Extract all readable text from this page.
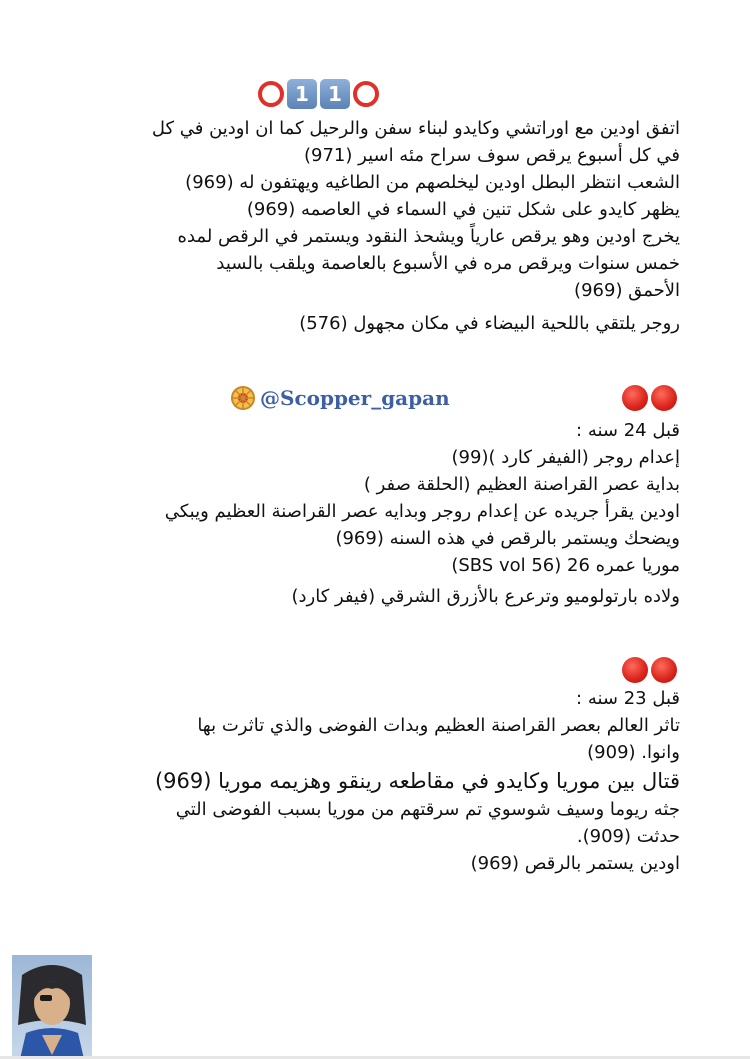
1 1
اتفق اودين مع اوراتشي وكايدو لبناء سفن والرحيل كما ان اودين في كل
في كل أسبوع يرقص سوف سراح مئه اسير (971)
الشعب انتظر البطل اودين ليخلصهم من الطاغيه ويهتفون له (969)
يظهر كايدو على شكل تنين في السماء في العاصمه (969)
يخرج اودين وهو يرقص عارياً ويشحذ النقود ويستمر في الرقص لمده
خمس سنوات ويرقص مره في الأسبوع بالعاصمة ويلقب بالسيد
الأحمق (969)
روجر يلتقي باللحية البيضاء في مكان مجهول (576)
@Scopper_gapan
قبل 24 سنه :
إعدام روجر (الفيفر كارد )(99)
بداية عصر القراصنة العظيم (الحلقة صفر )
اودين يقرأ جريده عن إعدام روجر وبدايه عصر القراصنة العظيم ويبكي
ويضحك ويستمر بالرقص في هذه السنه (969)
موريا عمره 26 (SBS vol 56)
ولاده بارتولوميو وترعرع بالأزرق الشرقي (فيفر كارد)
قبل 23 سنه :
تاثر العالم بعصر القراصنة العظيم وبدات الفوضى والذي تاثرت بها
وانوا. (909)
قتال بين موريا وكايدو في مقاطعه رينقو وهزيمه موريا (969)
جثه ريوما وسيف شوسوي تم سرقتهم من موريا بسبب الفوضى التي
حدثت (909).
اودين يستمر بالرقص (969)
